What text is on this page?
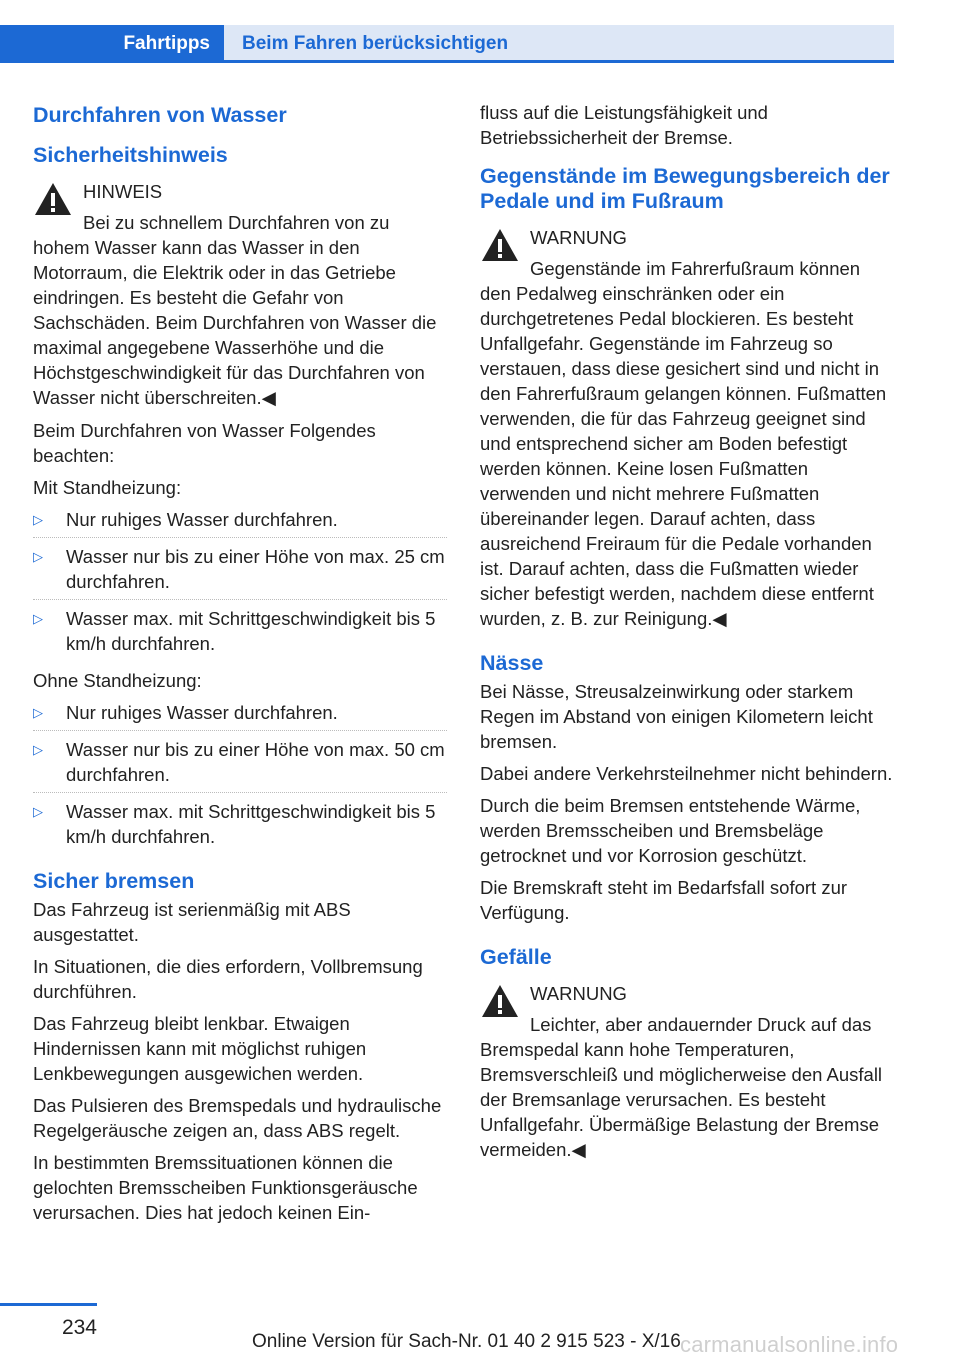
Fahrtipps	Beim Fahren berücksichtigen
Durchfahren von Wasser
Sicherheitshinweis
HINWEIS
Bei zu schnellem Durchfahren von zu hohem Wasser kann das Wasser in den Motorraum, die Elektrik oder in das Getriebe eindringen. Es besteht die Gefahr von Sachschäden. Beim Durchfahren von Wasser die maximal angegebene Wasserhöhe und die Höchstgeschwindigkeit für das Durchfahren von Wasser nicht überschreiten.◀

Beim Durchfahren von Wasser Folgendes beachten:

Mit Standheizung:

▷ Nur ruhiges Wasser durchfahren.
▷ Wasser nur bis zu einer Höhe von max. 25 cm durchfahren.
▷ Wasser max. mit Schrittgeschwindigkeit bis 5 km/h durchfahren.

Ohne Standheizung:

▷ Nur ruhiges Wasser durchfahren.
▷ Wasser nur bis zu einer Höhe von max. 50 cm durchfahren.
▷ Wasser max. mit Schrittgeschwindigkeit bis 5 km/h durchfahren.
Sicher bremsen

Das Fahrzeug ist serienmäßig mit ABS ausgestattet.

In Situationen, die dies erfordern, Vollbremsung durchführen.

Das Fahrzeug bleibt lenkbar. Etwaigen Hindernissen kann mit möglichst ruhigen Lenkbewegungen ausgewichen werden.

Das Pulsieren des Bremspedals und hydraulische Regelgeräusche zeigen an, dass ABS regelt.

In bestimmten Bremssituationen können die gelochten Bremsscheiben Funktionsgeräusche verursachen. Dies hat jedoch keinen Ein-

fluss auf die Leistungsfähigkeit und Betriebssicherheit der Bremse.

Gegenstände im Bewegungsbereich der Pedale und im Fußraum
WARNUNG
Gegenstände im Fahrerfußraum können den Pedalweg einschränken oder ein durchgetretenes Pedal blockieren. Es besteht Unfallgefahr. Gegenstände im Fahrzeug so verstauen, dass diese gesichert sind und nicht in den Fahrerfußraum gelangen können. Fußmatten verwenden, die für das Fahrzeug geeignet sind und entsprechend sicher am Boden befestigt werden können. Keine losen Fußmatten verwenden und nicht mehrere Fußmatten übereinander legen. Darauf achten, dass ausreichend Freiraum für die Pedale vorhanden ist. Darauf achten, dass die Fußmatten wieder sicher befestigt werden, nachdem diese entfernt wurden, z. B. zur Reinigung.◀
Nässe

Bei Nässe, Streusalzeinwirkung oder starkem Regen im Abstand von einigen Kilometern leicht bremsen.

Dabei andere Verkehrsteilnehmer nicht behindern.

Durch die beim Bremsen entstehende Wärme, werden Bremsscheiben und Bremsbeläge getrocknet und vor Korrosion geschützt.

Die Bremskraft steht im Bedarfsfall sofort zur Verfügung.

Gefälle
WARNUNG
Leichter, aber andauernder Druck auf das Bremspedal kann hohe Temperaturen, Bremsverschleiß und möglicherweise den Ausfall der Bremsanlage verursachen. Es besteht Unfallgefahr. Übermäßige Belastung der Bremse vermeiden.◀
234
Online Version für Sach-Nr. 01 40 2 915 523 - X/16 carmanualsonline.info
